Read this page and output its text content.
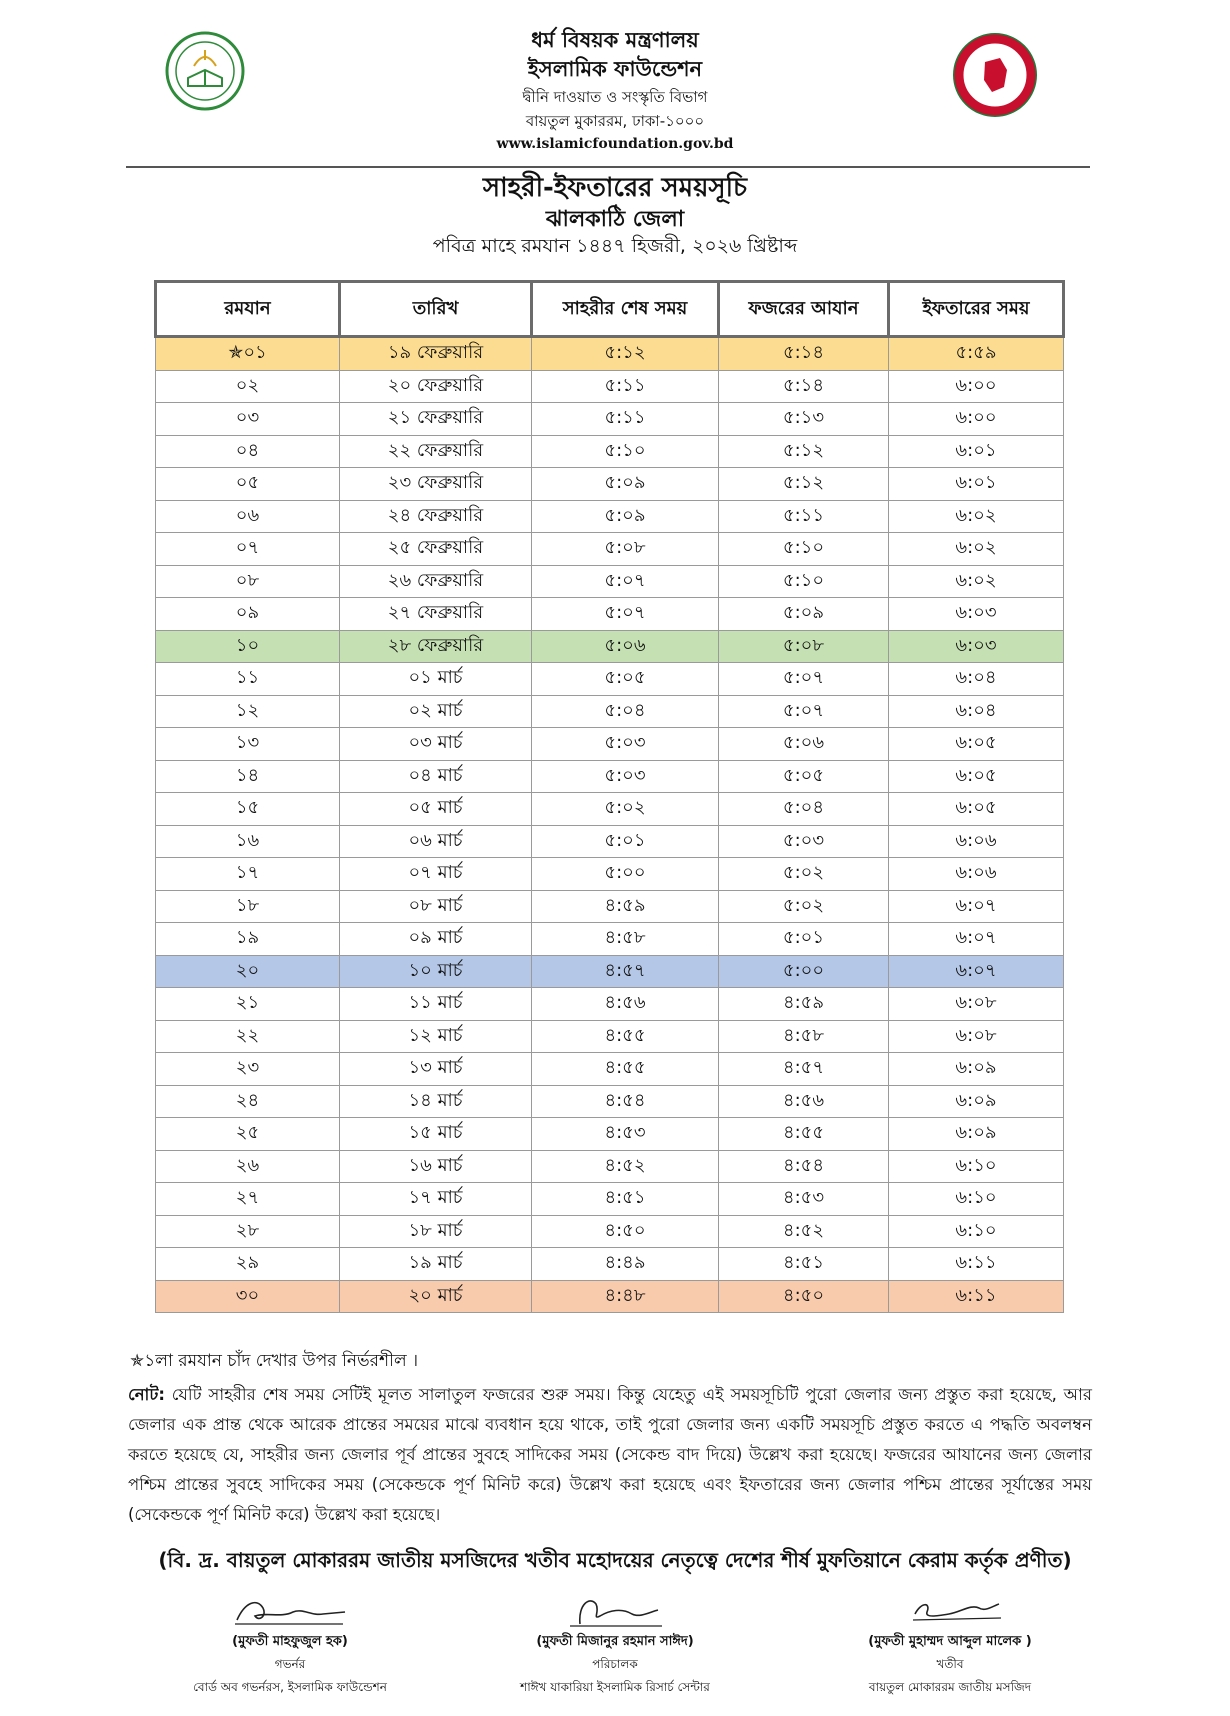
ধর্ম বিষয়ক মন্ত্রণালয়
ইসলামিক ফাউন্ডেশন
দ্বীনি দাওয়াত ও সংস্কৃতি বিভাগ
বায়তুল মুকাররম, ঢাকা-১০০০
www.islamicfoundation.gov.bd
সাহরী-ইফতারের সময়সূচি
ঝালকাঠি জেলা
পবিত্র মাহে রমযান ১৪৪৭ হিজরী, ২০২৬ খ্রিষ্টাব্দ
রমযান	তারিখ	সাহরীর শেষ সময়	ফজরের আযান	ইফতারের সময়
✯০১	১৯ ফেব্রুয়ারি	৫:১২	৫:১৪	৫:৫৯
০২	২০ ফেব্রুয়ারি	৫:১১	৫:১৪	৬:০০
০৩	২১ ফেব্রুয়ারি	৫:১১	৫:১৩	৬:০০
০৪	২২ ফেব্রুয়ারি	৫:১০	৫:১২	৬:০১
০৫	২৩ ফেব্রুয়ারি	৫:০৯	৫:১২	৬:০১
০৬	২৪ ফেব্রুয়ারি	৫:০৯	৫:১১	৬:০২
০৭	২৫ ফেব্রুয়ারি	৫:০৮	৫:১০	৬:০২
০৮	২৬ ফেব্রুয়ারি	৫:০৭	৫:১০	৬:০২
০৯	২৭ ফেব্রুয়ারি	৫:০৭	৫:০৯	৬:০৩
১০	২৮ ফেব্রুয়ারি	৫:০৬	৫:০৮	৬:০৩
১১	০১ মার্চ	৫:০৫	৫:০৭	৬:০৪
১২	০২ মার্চ	৫:০৪	৫:০৭	৬:০৪
১৩	০৩ মার্চ	৫:০৩	৫:০৬	৬:০৫
১৪	০৪ মার্চ	৫:০৩	৫:০৫	৬:০৫
১৫	০৫ মার্চ	৫:০২	৫:০৪	৬:০৫
১৬	০৬ মার্চ	৫:০১	৫:০৩	৬:০৬
১৭	০৭ মার্চ	৫:০০	৫:০২	৬:০৬
১৮	০৮ মার্চ	৪:৫৯	৫:০২	৬:০৭
১৯	০৯ মার্চ	৪:৫৮	৫:০১	৬:০৭
২০	১০ মার্চ	৪:৫৭	৫:০০	৬:০৭
২১	১১ মার্চ	৪:৫৬	৪:৫৯	৬:০৮
২২	১২ মার্চ	৪:৫৫	৪:৫৮	৬:০৮
২৩	১৩ মার্চ	৪:৫৫	৪:৫৭	৬:০৯
২৪	১৪ মার্চ	৪:৫৪	৪:৫৬	৬:০৯
২৫	১৫ মার্চ	৪:৫৩	৪:৫৫	৬:০৯
২৬	১৬ মার্চ	৪:৫২	৪:৫৪	৬:১০
২৭	১৭ মার্চ	৪:৫১	৪:৫৩	৬:১০
২৮	১৮ মার্চ	৪:৫০	৪:৫২	৬:১০
২৯	১৯ মার্চ	৪:৪৯	৪:৫১	৬:১১
৩০	২০ মার্চ	৪:৪৮	৪:৫০	৬:১১
✯১লা রমযান চাঁদ দেখার উপর নির্ভরশীল ।
নোট: যেটি সাহরীর শেষ সময় সেটিই মূলত সালাতুল ফজরের শুরু সময়। কিন্তু যেহেতু এই সময়সূচিটি পুরো জেলার জন্য প্রস্তুত করা হয়েছে, আর জেলার এক প্রান্ত থেকে আরেক প্রান্তের সময়ের মাঝে ব্যবধান হয়ে থাকে, তাই পুরো জেলার জন্য একটি সময়সূচি প্রস্তুত করতে এ পদ্ধতি অবলম্বন করতে হয়েছে যে, সাহরীর জন্য জেলার পূর্ব প্রান্তের সুবহে সাদিকের সময় (সেকেন্ড বাদ দিয়ে) উল্লেখ করা হয়েছে। ফজরের আযানের জন্য জেলার পশ্চিম প্রান্তের সুবহে সাদিকের সময় (সেকেন্ডকে পূর্ণ মিনিট করে) উল্লেখ করা হয়েছে এবং ইফতারের জন্য জেলার পশ্চিম প্রান্তের সূর্যাস্তের সময় (সেকেন্ডকে পূর্ণ মিনিট করে) উল্লেখ করা হয়েছে।
(বি. দ্র. বায়তুল মোকাররম জাতীয় মসজিদের খতীব মহোদয়ের নেতৃত্বে দেশের শীর্ষ মুফতিয়ানে কেরাম কর্তৃক প্রণীত)
(মুফতী মাহফুজুল হক)
গভর্নর
বোর্ড অব গভর্নরস, ইসলামিক ফাউন্ডেশন
(মুফতী মিজানুর রহমান সাঈদ)
পরিচালক
শাঈখ যাকারিয়া ইসলামিক রিসার্চ সেন্টার
(মুফতী মুহাম্মদ আব্দুল মালেক )
খতীব
বায়তুল মোকাররম জাতীয় মসজিদ
